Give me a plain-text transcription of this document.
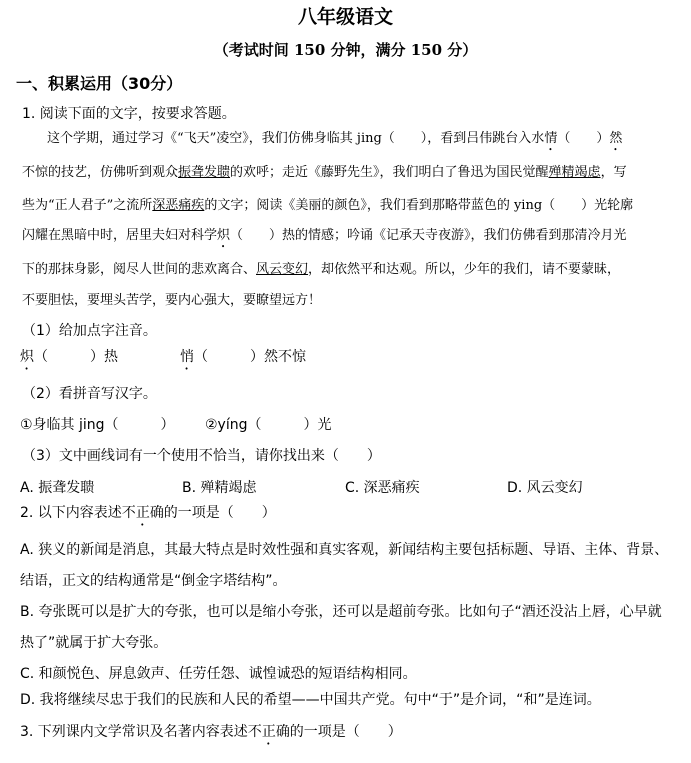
八年级语文
（考试时间 150 分钟，满分 150 分）
一、积累运用（30分）
1. 阅读下面的文字，按要求答题。
这个学期，通过学习《“飞天”凌空》，我们仿佛身临其 jing（　　），看到吕伟跳台入水情（　　）然
不惊的技艺，仿佛听到观众振聋发聩的欢呼；走近《藤野先生》，我们明白了鲁迅为国民觉醒殚精竭虑，写
些为“正人君子”之流所深恶痛疾的文字；阅读《美丽的颜色》，我们看到那略带蓝色的 ying（　　）光轮廓
闪耀在黑暗中时，居里夫妇对科学炽（　　）热的情感；吟诵《记承天寺夜游》，我们仿佛看到那清冷月光
下的那抹身影，阅尽人世间的悲欢离合、风云变幻，却依然平和达观。所以，少年的我们，请不要蒙昧，
不要胆怯，要埋头苦学，要内心强大，要瞭望远方！
（1）给加点字注音。
炽（　　　）热	悄（　　　）然不惊
（2）看拼音写汉字。
①身临其 jing（　　　） ②yíng（　　　）光
（3）文中画线词有一个使用不恰当，请你找出来（　　）
A. 振聋发聩	B. 殚精竭虑	C. 深恶痛疾	D. 风云变幻
2. 以下内容表述不正确的一项是（　　）
A. 狭义的新闻是消息，其最大特点是时效性强和真实客观，新闻结构主要包括标题、导语、主体、背景、
结语，正文的结构通常是“倒金字塔结构”。
B. 夸张既可以是扩大的夸张，也可以是缩小夸张，还可以是超前夸张。比如句子“酒还没沾上唇，心早就
热了”就属于扩大夸张。
C. 和颜悦色、屏息敛声、任劳任怨、诚惶诚恐的短语结构相同。
D. 我将继续尽忠于我们的民族和人民的希望——中国共产党。句中“于”是介词，“和”是连词。
3. 下列课内文学常识及名著内容表述不正确的一项是（　　）
